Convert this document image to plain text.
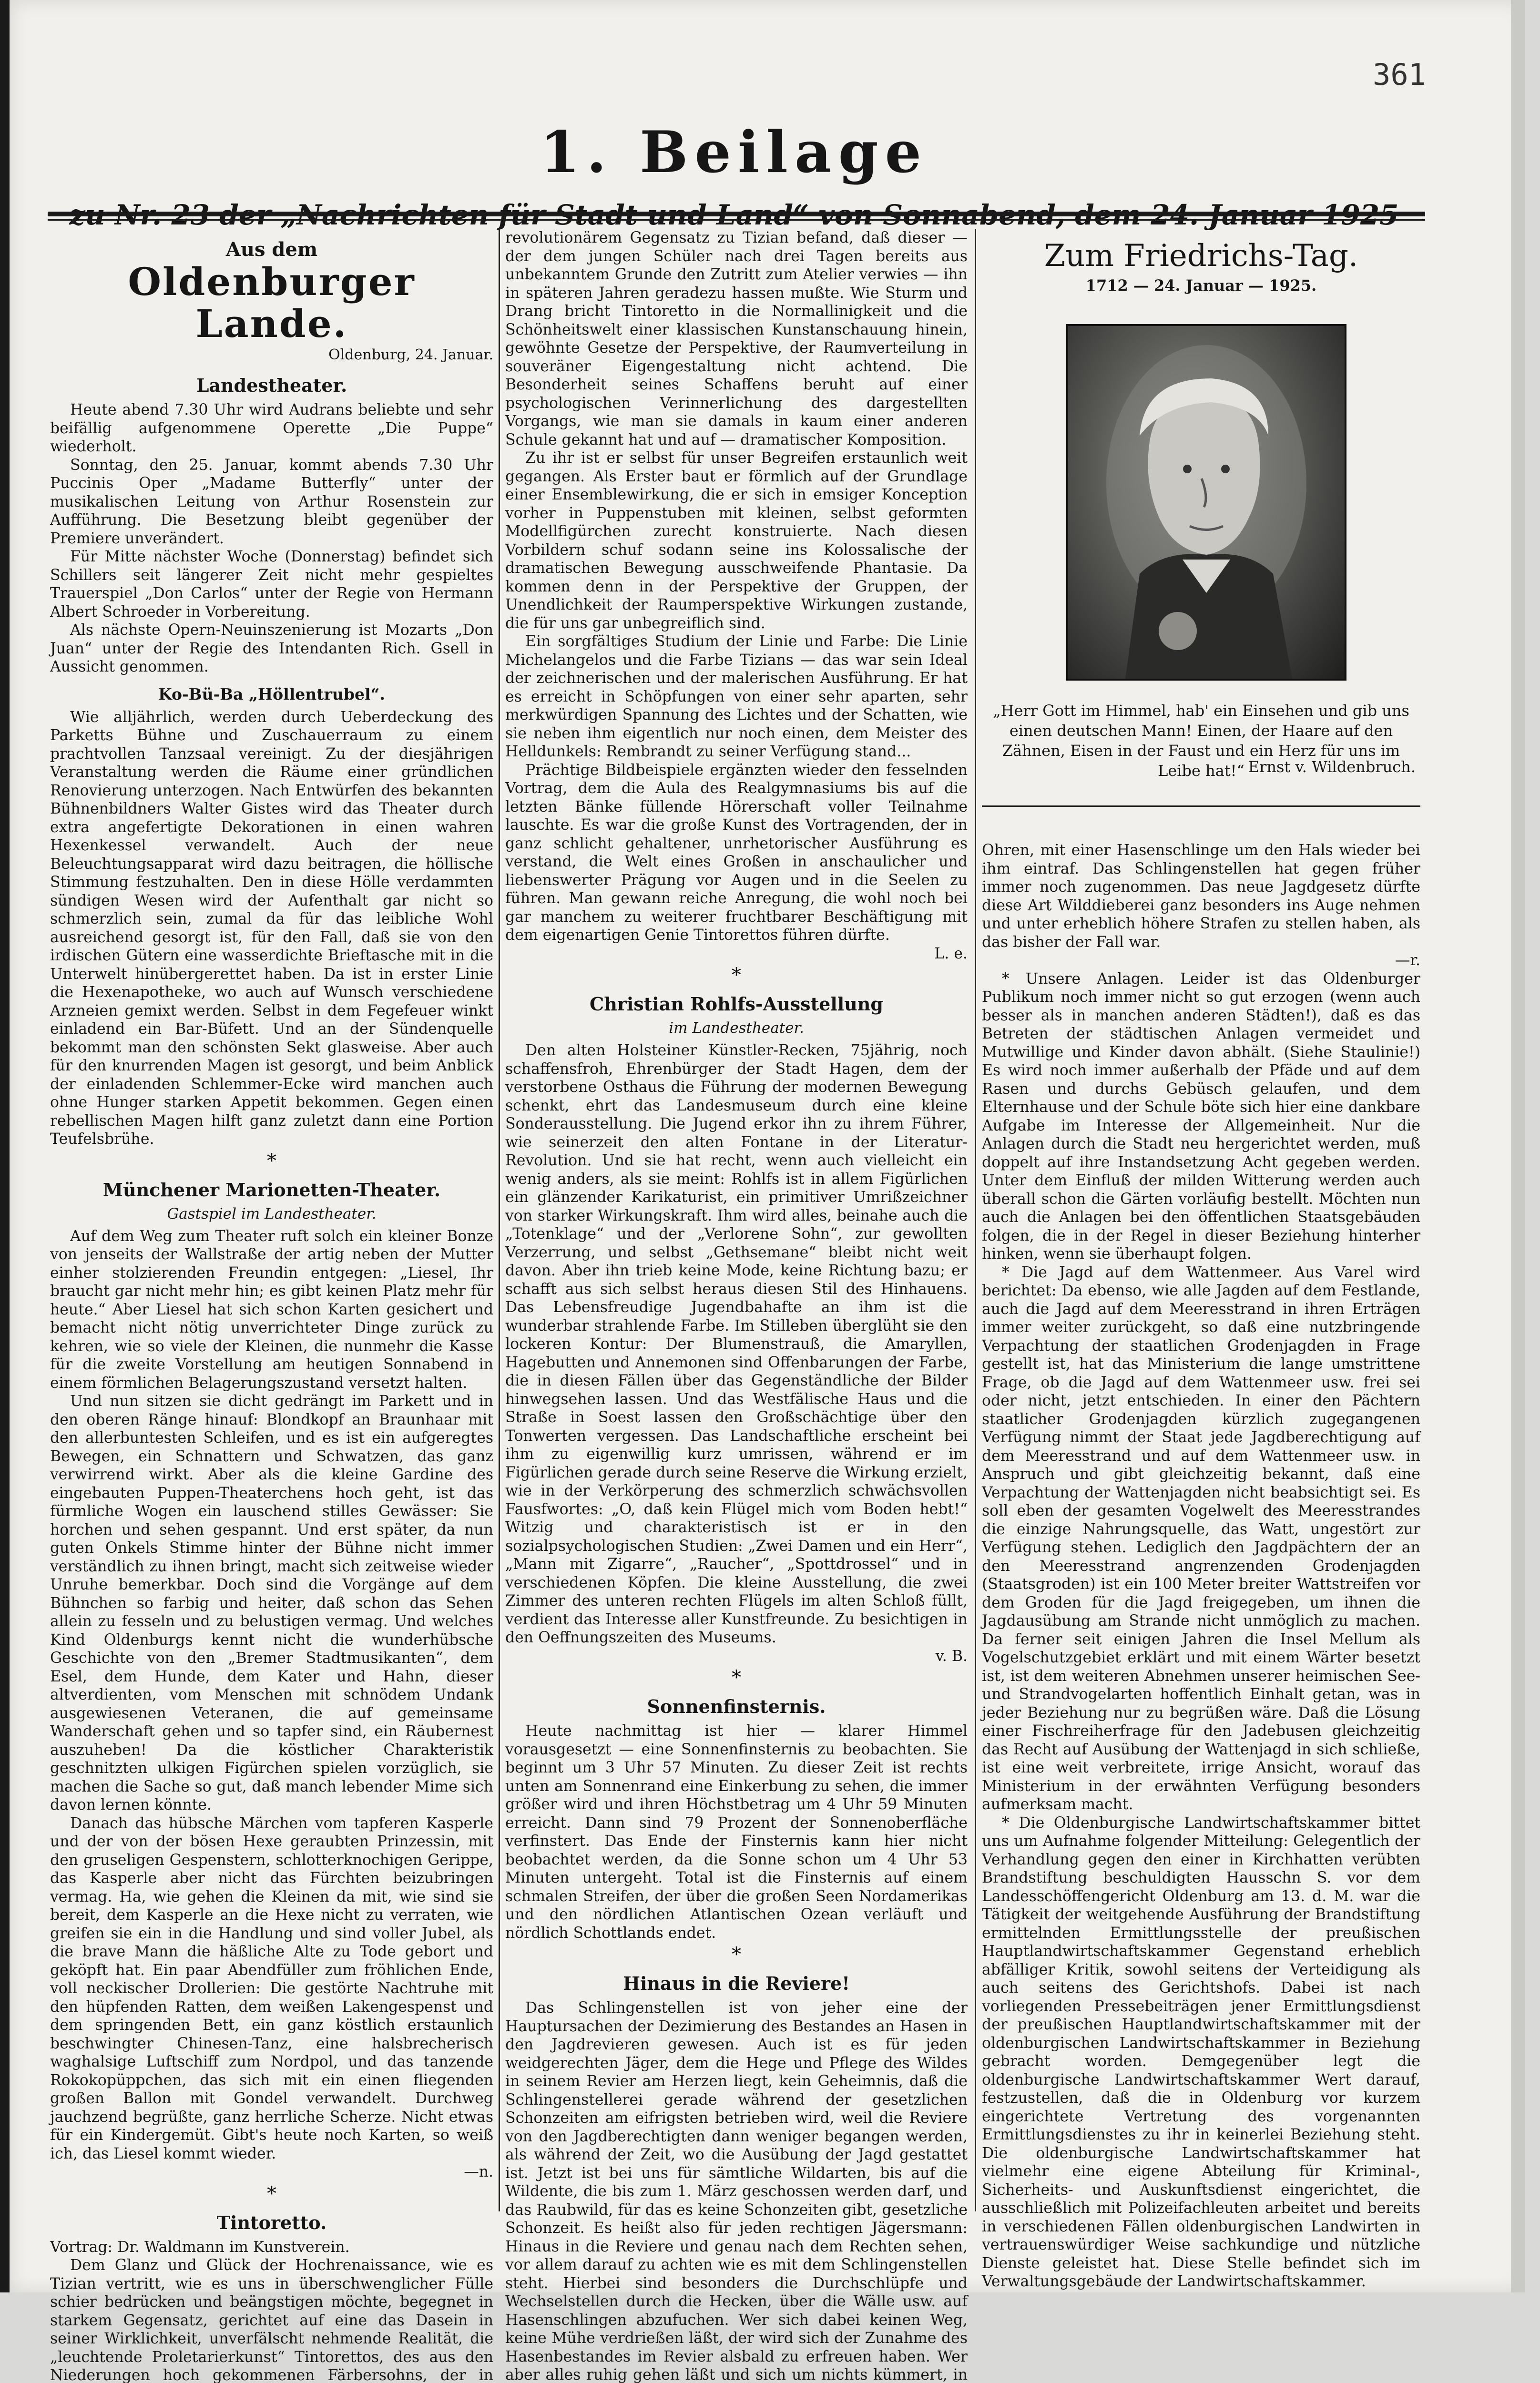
361
1. Beilage
Aus dem
Oldenburger Lande.
Oldenburg, 24. Januar.
Landestheater.

Heute abend 7.30 Uhr wird Audrans beliebte und sehr beifällig aufgenommene Operette „Die Puppe“ wiederholt.

Sonntag, den 25. Januar, kommt abends 7.30 Uhr Puccinis Oper „Madame Butterfly“ unter der musikalischen Leitung von Arthur Rosenstein zur Aufführung. Die Besetzung bleibt gegenüber der Premiere unverändert.

Für Mitte nächster Woche (Donnerstag) befindet sich Schillers seit längerer Zeit nicht mehr gespieltes Trauerspiel „Don Carlos“ unter der Regie von Hermann Albert Schroeder in Vorbereitung.

Als nächste Opern-Neuinszenierung ist Mozarts „Don Juan“ unter der Regie des Intendanten Rich. Gsell in Aussicht genommen.

Ko-Bü-Ba „Höllentrubel“.

Wie alljährlich, werden durch Ueberdeckung des Parketts Bühne und Zuschauerraum zu einem prachtvollen Tanzsaal vereinigt. Zu der diesjährigen Veranstaltung werden die Räume einer gründlichen Renovierung unterzogen. Nach Entwürfen des bekannten Bühnenbildners Walter Gistes wird das Theater durch extra angefertigte Dekorationen in einen wahren Hexenkessel verwandelt. Auch der neue Beleuchtungsapparat wird dazu beitragen, die höllische Stimmung festzuhalten. Den in diese Hölle verdammten sündigen Wesen wird der Aufenthalt gar nicht so schmerzlich sein, zumal da für das leibliche Wohl ausreichend gesorgt ist, für den Fall, daß sie von den irdischen Gütern eine wasserdichte Brieftasche mit in die Unterwelt hinübergerettet haben. Da ist in erster Linie die Hexenapotheke, wo auch auf Wunsch verschiedene Arzneien gemixt werden. Selbst in dem Fegefeuer winkt einladend ein Bar-Büfett. Und an der Sündenquelle bekommt man den schönsten Sekt glasweise. Aber auch für den knurrenden Magen ist gesorgt, und beim Anblick der einladenden Schlemmer-Ecke wird manchen auch ohne Hunger starken Appetit bekommen. Gegen einen rebellischen Magen hilft ganz zuletzt dann eine Portion Teufelsbrühe.

*
Münchener Marionetten-Theater.
Gastspiel im Landestheater.

Auf dem Weg zum Theater ruft solch ein kleiner Bonze von jenseits der Wallstraße der artig neben der Mutter einher stolzierenden Freundin entgegen: „Liesel, Ihr braucht gar nicht mehr hin; es gibt keinen Platz mehr für heute.“ Aber Liesel hat sich schon Karten gesichert und bemacht nicht nötig unverrichteter Dinge zurück zu kehren, wie so viele der Kleinen, die nunmehr die Kasse für die zweite Vorstellung am heutigen Sonnabend in einem förmlichen Belagerungszustand versetzt halten.

Und nun sitzen sie dicht gedrängt im Parkett und in den oberen Ränge hinauf: Blondkopf an Braunhaar mit den allerbuntesten Schleifen, und es ist ein aufgeregtes Bewegen, ein Schnattern und Schwatzen, das ganz verwirrend wirkt. Aber als die kleine Gardine des eingebauten Puppen-Theaterchens hoch geht, ist das fürmliche Wogen ein lauschend stilles Gewässer: Sie horchen und sehen gespannt. Und erst später, da nun guten Onkels Stimme hinter der Bühne nicht immer verständlich zu ihnen bringt, macht sich zeitweise wieder Unruhe bemerkbar. Doch sind die Vorgänge auf dem Bühnchen so farbig und heiter, daß schon das Sehen allein zu fesseln und zu belustigen vermag. Und welches Kind Oldenburgs kennt nicht die wunderhübsche Geschichte von den „Bremer Stadtmusikanten“, dem Esel, dem Hunde, dem Kater und Hahn, dieser altverdienten, vom Menschen mit schnödem Undank ausgewiesenen Veteranen, die auf gemeinsame Wanderschaft gehen und so tapfer sind, ein Räubernest auszuheben! Da die köstlicher Charakteristik geschnitzten ulkigen Figürchen spielen vorzüglich, sie machen die Sache so gut, daß manch lebender Mime sich davon lernen könnte.

Danach das hübsche Märchen vom tapferen Kasperle und der von der bösen Hexe geraubten Prinzessin, mit den gruseligen Gespenstern, schlotterknochigen Gerippe, das Kasperle aber nicht das Fürchten beizubringen vermag. Ha, wie gehen die Kleinen da mit, wie sind sie bereit, dem Kasperle an die Hexe nicht zu verraten, wie greifen sie ein in die Handlung und sind voller Jubel, als die brave Mann die häßliche Alte zu Tode gebort und geköpft hat. Ein paar Abendfüller zum fröhlichen Ende, voll neckischer Drollerien: Die gestörte Nachtruhe mit den hüpfenden Ratten, dem weißen Lakengespenst und dem springenden Bett, ein ganz köstlich erstaunlich beschwingter Chinesen-Tanz, eine halsbrecherisch waghalsige Luftschiff zum Nordpol, und das tanzende Rokokopüppchen, das sich mit ein einen fliegenden großen Ballon mit Gondel verwandelt. Durchweg jauchzend begrüßte, ganz herrliche Scherze. Nicht etwas für ein Kindergemüt. Gibt's heute noch Karten, so weiß ich, das Liesel kommt wieder.

—n.
*
Tintoretto.
Vortrag: Dr. Waldmann im Kunstverein.

Dem Glanz und Glück der Hochrenaissance, wie es Tizian vertritt, wie es uns in überschwenglicher Fülle schier bedrücken und beängstigen möchte, begegnet in starkem Gegensatz, gerichtet auf eine das Dasein in seiner Wirklichkeit, unverfälscht nehmende Realität, die „leuchtende Proletarierkunst“ Tintorettos, des aus den Niederungen hoch gekommenen Färbersohns, der in

revolutionärem Gegensatz zu Tizian befand, daß dieser — der dem jungen Schüler nach drei Tagen bereits aus unbekanntem Grunde den Zutritt zum Atelier verwies — ihn in späteren Jahren geradezu hassen mußte. Wie Sturm und Drang bricht Tintoretto in die Normallinigkeit und die Schönheitswelt einer klassischen Kunstanschauung hinein, gewöhnte Gesetze der Perspektive, der Raumverteilung in souveräner Eigengestaltung nicht achtend. Die Besonderheit seines Schaffens beruht auf einer psychologischen Verinnerlichung des dargestellten Vorgangs, wie man sie damals in kaum einer anderen Schule gekannt hat und auf — dramatischer Komposition.

Zu ihr ist er selbst für unser Begreifen erstaunlich weit gegangen. Als Erster baut er förmlich auf der Grundlage einer Ensemblewirkung, die er sich in emsiger Konception vorher in Puppenstuben mit kleinen, selbst geformten Modellfigürchen zurecht konstruierte. Nach diesen Vorbildern schuf sodann seine ins Kolossalische der dramatischen Bewegung ausschweifende Phantasie. Da kommen denn in der Perspektive der Gruppen, der Unendlichkeit der Raumperspektive Wirkungen zustande, die für uns gar unbegreiflich sind.

Ein sorgfältiges Studium der Linie und Farbe: Die Linie Michelangelos und die Farbe Tizians — das war sein Ideal der zeichnerischen und der malerischen Ausführung. Er hat es erreicht in Schöpfungen von einer sehr aparten, sehr merkwürdigen Spannung des Lichtes und der Schatten, wie sie neben ihm eigentlich nur noch einen, dem Meister des Helldunkels: Rembrandt zu seiner Verfügung stand...

Prächtige Bildbeispiele ergänzten wieder den fesselnden Vortrag, dem die Aula des Realgymnasiums bis auf die letzten Bänke füllende Hörerschaft voller Teilnahme lauschte. Es war die große Kunst des Vortragenden, der in ganz schlicht gehaltener, unrhetorischer Ausführung es verstand, die Welt eines Großen in anschaulicher und liebenswerter Prägung vor Augen und in die Seelen zu führen. Man gewann reiche Anregung, die wohl noch bei gar manchem zu weiterer fruchtbarer Beschäftigung mit dem eigenartigen Genie Tintorettos führen dürfte.

L. e.
*
Christian Rohlfs-Ausstellung
im Landestheater.

Den alten Holsteiner Künstler-Recken, 75jährig, noch schaffensfroh, Ehrenbürger der Stadt Hagen, dem der verstorbene Osthaus die Führung der modernen Bewegung schenkt, ehrt das Landesmuseum durch eine kleine Sonderausstellung. Die Jugend erkor ihn zu ihrem Führer, wie seinerzeit den alten Fontane in der Literatur-Revolution. Und sie hat recht, wenn auch vielleicht ein wenig anders, als sie meint: Rohlfs ist in allem Figürlichen ein glänzender Karikaturist, ein primitiver Umrißzeichner von starker Wirkungskraft. Ihm wird alles, beinahe auch die „Totenklage“ und der „Verlorene Sohn“, zur gewollten Verzerrung, und selbst „Gethsemane“ bleibt nicht weit davon. Aber ihn trieb keine Mode, keine Richtung bazu; er schafft aus sich selbst heraus diesen Stil des Hinhauens. Das Lebensfreudige Jugendbahafte an ihm ist die wunderbar strahlende Farbe. Im Stilleben überglüht sie den lockeren Kontur: Der Blumenstrauß, die Amaryllen, Hagebutten und Annemonen sind Offenbarungen der Farbe, die in diesen Fällen über das Gegenständliche der Bilder hinwegsehen lassen. Und das Westfälische Haus und die Straße in Soest lassen den Großschächtige über den Tonwerten vergessen. Das Landschaftliche erscheint bei ihm zu eigenwillig kurz umrissen, während er im Figürlichen gerade durch seine Reserve die Wirkung erzielt, wie in der Verkörperung des schmerzlich schwächsvollen Fausfwortes: „O, daß kein Flügel mich vom Boden hebt!“ Witzig und charakteristisch ist er in den sozialpsychologischen Studien: „Zwei Damen und ein Herr“, „Mann mit Zigarre“, „Raucher“, „Spottdrossel“ und in verschiedenen Köpfen. Die kleine Ausstellung, die zwei Zimmer des unteren rechten Flügels im alten Schloß füllt, verdient das Interesse aller Kunstfreunde. Zu besichtigen in den Oeffnungszeiten des Museums.

v. B.
*
Sonnenfinsternis.

Heute nachmittag ist hier — klarer Himmel vorausgesetzt — eine Sonnenfinsternis zu beobachten. Sie beginnt um 3 Uhr 57 Minuten. Zu dieser Zeit ist rechts unten am Sonnenrand eine Einkerbung zu sehen, die immer größer wird und ihren Höchstbetrag um 4 Uhr 59 Minuten erreicht. Dann sind 79 Prozent der Sonnenoberfläche verfinstert. Das Ende der Finsternis kann hier nicht beobachtet werden, da die Sonne schon um 4 Uhr 53 Minuten untergeht. Total ist die Finsternis auf einem schmalen Streifen, der über die großen Seen Nordamerikas und den nördlichen Atlantischen Ozean verläuft und nördlich Schottlands endet.

*
Hinaus in die Reviere!

Das Schlingenstellen ist von jeher eine der Hauptursachen der Dezimierung des Bestandes an Hasen in den Jagdrevieren gewesen. Auch ist es für jeden weidgerechten Jäger, dem die Hege und Pflege des Wildes in seinem Revier am Herzen liegt, kein Geheimnis, daß die Schlingenstellerei gerade während der gesetzlichen Schonzeiten am eifrigsten betrieben wird, weil die Reviere von den Jagdberechtigten dann weniger begangen werden, als während der Zeit, wo die Ausübung der Jagd gestattet ist. Jetzt ist bei uns für sämtliche Wildarten, bis auf die Wildente, die bis zum 1. März geschossen werden darf, und das Raubwild, für das es keine Schonzeiten gibt, gesetzliche Schonzeit. Es heißt also für jeden rechtigen Jägersmann: Hinaus in die Reviere und genau nach dem Rechten sehen, vor allem darauf zu achten wie es mit dem Schlingenstellen steht. Hierbei sind besonders die Durchschlüpfe und Wechselstellen durch die Hecken, über die Wälle usw. auf Hasenschlingen abzufuchen. Wer sich dabei keinen Weg, keine Mühe verdrießen läßt, der wird sich der Zunahme des Hasenbestandes im Revier alsbald zu erfreuen haben. Wer aber alles ruhig gehen läßt und sich um nichts kümmert, in

Zum Friedrichs-Tag.
1712 — 24. Januar — 1925.
„Herr Gott im Himmel, hab' ein Einsehen und gib uns einen deutschen Mann! Einen, der Haare auf den Zähnen, Eisen in der Faust und ein Herz für uns im Leibe hat!“ Ernst v. Wildenbruch.

Ohren, mit einer Hasenschlinge um den Hals wieder bei ihm eintraf. Das Schlingenstellen hat gegen früher immer noch zugenommen. Das neue Jagdgesetz dürfte diese Art Wilddieberei ganz besonders ins Auge nehmen und unter erheblich höhere Strafen zu stellen haben, als das bisher der Fall war.

—r.

* Unsere Anlagen. Leider ist das Oldenburger Publikum noch immer nicht so gut erzogen (wenn auch besser als in manchen anderen Städten!), daß es das Betreten der städtischen Anlagen vermeidet und Mutwillige und Kinder davon abhält. (Siehe Staulinie!) Es wird noch immer außerhalb der Pfäde und auf dem Rasen und durchs Gebüsch gelaufen, und dem Elternhause und der Schule böte sich hier eine dankbare Aufgabe im Interesse der Allgemeinheit. Nur die Anlagen durch die Stadt neu hergerichtet werden, muß doppelt auf ihre Instandsetzung Acht gegeben werden. Unter dem Einfluß der milden Witterung werden auch überall schon die Gärten vorläufig bestellt. Möchten nun auch die Anlagen bei den öffentlichen Staatsgebäuden folgen, die in der Regel in dieser Beziehung hinterher hinken, wenn sie überhaupt folgen.

* Die Jagd auf dem Wattenmeer. Aus Varel wird berichtet: Da ebenso, wie alle Jagden auf dem Festlande, auch die Jagd auf dem Meeresstrand in ihren Erträgen immer weiter zurückgeht, so daß eine nutzbringende Verpachtung der staatlichen Grodenjagden in Frage gestellt ist, hat das Ministerium die lange umstrittene Frage, ob die Jagd auf dem Wattenmeer usw. frei sei oder nicht, jetzt entschieden. In einer den Pächtern staatlicher Grodenjagden kürzlich zugegangenen Verfügung nimmt der Staat jede Jagdberechtigung auf dem Meeresstrand und auf dem Wattenmeer usw. in Anspruch und gibt gleichzeitig bekannt, daß eine Verpachtung der Wattenjagden nicht beabsichtigt sei. Es soll eben der gesamten Vogelwelt des Meeresstrandes die einzige Nahrungsquelle, das Watt, ungestört zur Verfügung stehen. Lediglich den Jagdpächtern der an den Meeresstrand angrenzenden Grodenjagden (Staatsgroden) ist ein 100 Meter breiter Wattstreifen vor dem Groden für die Jagd freigegeben, um ihnen die Jagdausübung am Strande nicht unmöglich zu machen. Da ferner seit einigen Jahren die Insel Mellum als Vogelschutzgebiet erklärt und mit einem Wärter besetzt ist, ist dem weiteren Abnehmen unserer heimischen See- und Strandvogelarten hoffentlich Einhalt getan, was in jeder Beziehung nur zu begrüßen wäre. Daß die Lösung einer Fischreiherfrage für den Jadebusen gleichzeitig das Recht auf Ausübung der Wattenjagd in sich schließe, ist eine weit verbreitete, irrige Ansicht, worauf das Ministerium in der erwähnten Verfügung besonders aufmerksam macht.

* Die Oldenburgische Landwirtschaftskammer bittet uns um Aufnahme folgender Mitteilung: Gelegentlich der Verhandlung gegen den einer in Kirchhatten verübten Brandstiftung beschuldigten Hausschn S. vor dem Landesschöffengericht Oldenburg am 13. d. M. war die Tätigkeit der weitgehende Ausführung der Brandstiftung ermittelnden Ermittlungsstelle der preußischen Hauptlandwirtschaftskammer Gegenstand erheblich abfälliger Kritik, sowohl seitens der Verteidigung als auch seitens des Gerichtshofs. Dabei ist nach vorliegenden Pressebeiträgen jener Ermittlungsdienst der preußischen Hauptlandwirtschaftskammer mit der oldenburgischen Landwirtschaftskammer in Beziehung gebracht worden. Demgegenüber legt die oldenburgische Landwirtschaftskammer Wert darauf, festzustellen, daß die in Oldenburg vor kurzem eingerichtete Vertretung des vorgenannten Ermittlungsdienstes zu ihr in keinerlei Beziehung steht. Die oldenburgische Landwirtschaftskammer hat vielmehr eine eigene Abteilung für Kriminal-, Sicherheits- und Auskunftsdienst eingerichtet, die ausschließlich mit Polizeifachleuten arbeitet und bereits in verschiedenen Fällen oldenburgischen Landwirten in vertrauenswürdiger Weise sachkundige und nützliche Dienste geleistet hat. Diese Stelle befindet sich im Verwaltungsgebäude der Landwirtschaftskammer.
